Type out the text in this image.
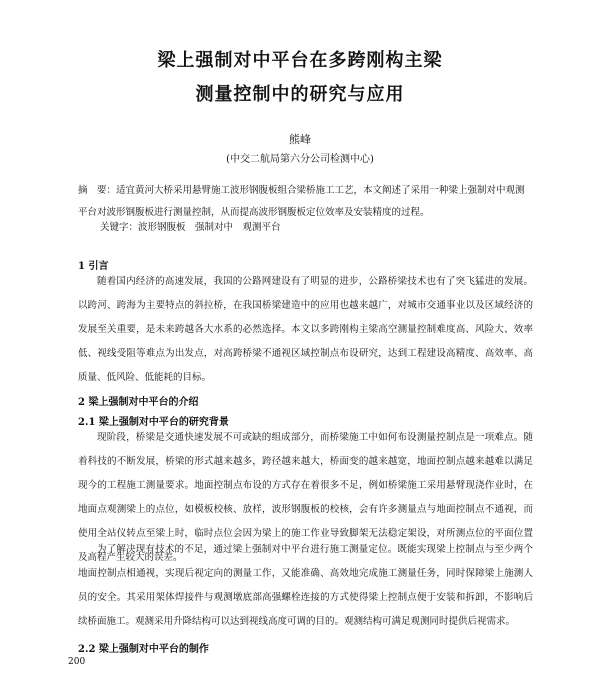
梁上强制对中平台在多跨刚构主梁
测量控制中的研究与应用
熊峰
(中交二航局第六分公司检测中心)
摘　要：适宜黄河大桥采用悬臂施工波形钢腹板组合梁桥施工工艺，本文阐述了采用一种梁上强制对中观测平台对波形钢腹板进行测量控制，从而提高波形钢腹板定位效率及安装精度的过程。
关键字：波形钢腹板　强制对中　观测平台
1 引言
随着国内经济的高速发展，我国的公路网建设有了明显的进步，公路桥梁技术也有了突飞猛进的发展。以跨河、跨海为主要特点的斜拉桥，在我国桥梁建造中的应用也越来越广，对城市交通事业以及区域经济的发展至关重要，是未来跨越各大水系的必然选择。本文以多跨刚构主梁高空测量控制难度高、风险大、效率低、视线受阻等难点为出发点，对高跨桥梁不通视区域控制点布设研究，达到工程建设高精度、高效率、高质量、低风险、低能耗的目标。
2 梁上强制对中平台的介绍
2.1 梁上强制对中平台的研究背景
现阶段，桥梁是交通快速发展不可或缺的组成部分，而桥梁施工中如何布设测量控制点是一项难点。随着科技的不断发展，桥梁的形式越来越多，跨径越来越大，桥面变的越来越宽，地面控制点越来越难以满足现今的工程施工测量要求。地面控制点布设的方式存在着很多不足，例如桥梁施工采用悬臂现浇作业时，在地面点观测梁上的点位，如模板校核、放样，波形钢腹板的校核，会有许多测量点与地面控制点不通视，而使用全站仪转点至梁上时，临时点位会因为梁上的施工作业导致脚架无法稳定架设，对所测点位的平面位置及高程产生较大的误差。
为了解决现有技术的不足，通过梁上强制对中平台进行施工测量定位。既能实现梁上控制点与至少两个地面控制点相通视，实现后视定向的测量工作，又能准确、高效地完成施工测量任务，同时保障梁上施测人员的安全。其采用架体焊接件与观测墩底部高强螺栓连接的方式使得梁上控制点便于安装和拆卸，不影响后续桥面施工。观测采用升降结构可以达到视线高度可调的目的。观测结构可满足观测同时提供后视需求。
2.2 梁上强制对中平台的制作
200
